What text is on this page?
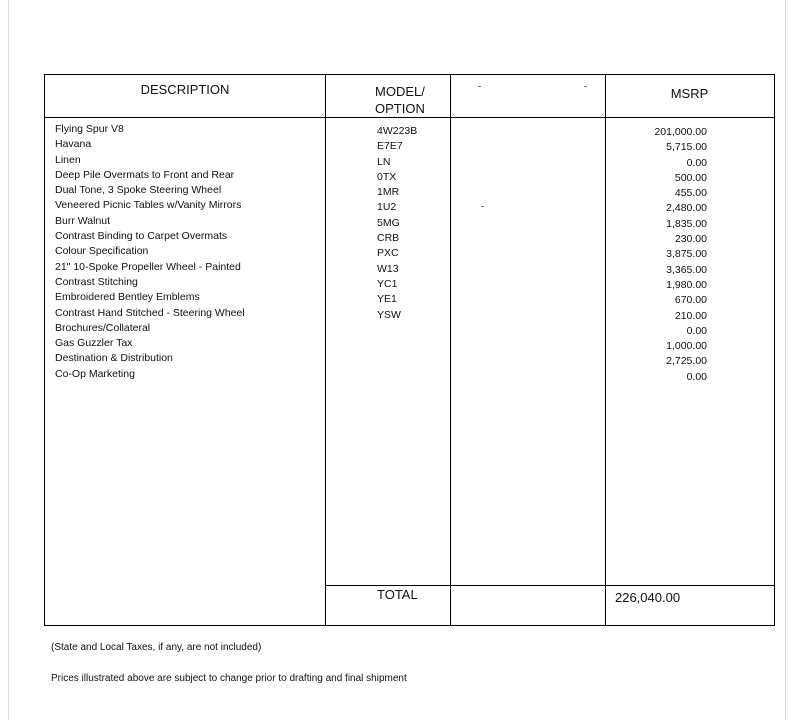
DESCRIPTION	MODEL/
OPTION
MSRP
Flying Spur V8
Havana
Linen
Deep Pile Overmats to Front and Rear
Dual Tone, 3 Spoke Steering Wheel
Veneered Picnic Tables w/Vanity Mirrors
Burr Walnut
Contrast Binding to Carpet Overmats
Colour Specification
21" 10-Spoke Propeller Wheel - Painted
Contrast Stitching
Embroidered Bentley Emblems
Contrast Hand Stitched - Steering Wheel
Brochures/Collateral
Gas Guzzler Tax
Destination & Distribution
Co-Op Marketing
4W223B
E7E7
LN
0TX
1MR
1U2
5MG
CRB
PXC
W13
YC1
YE1
YSW
201,000.00
5,715.00
0.00
500.00
455.00
2,480.00
1,835.00
230.00
3,875.00
3,365.00
1,980.00
670.00
210.00
0.00
1,000.00
2,725.00
0.00
TOTAL	226,040.00
(State and Local Taxes, if any, are not included)
Prices illustrated above are subject to change prior to drafting and final shipment
